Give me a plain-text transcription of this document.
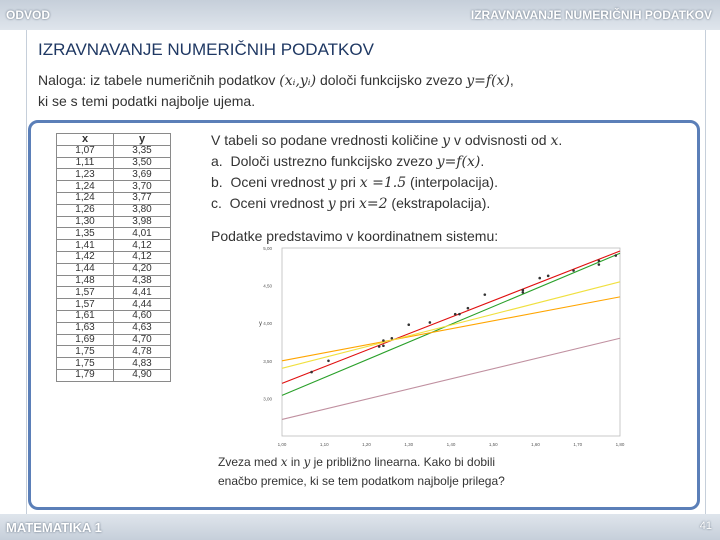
ODVOD	IZRAVNAVANJE NUMERIČNIH PODATKOV
IZRAVNAVANJE NUMERIČNIH PODATKOV
Naloga: iz tabele numeričnih podatkov (xᵢ,yᵢ) določi funkcijsko zvezo y=f(x),
ki se s temi podatki najbolje ujema.
x	y
1,07	3,35
1,11	3,50
1,23	3,69
1,24	3,70
1,24	3,77
1,26	3,80
1,30	3,98
1,35	4,01
1,41	4,12
1,42	4,12
1,44	4,20
1,48	4,38
1,57	4,41
1,57	4,44
1,61	4,60
1,63	4,63
1,69	4,70
1,75	4,78
1,75	4,83
1,79	4,90
V tabeli so podane vrednosti količine y v odvisnosti od x.
a. Določi ustrezno funkcijsko zvezo y=f(x).
b. Oceni vrednost y pri x =1.5 (interpolacija).
c. Oceni vrednost y pri x=2 (ekstrapolacija).
Podatke predstavimo v koordinatnem sistemu:
1,00	1,10	1,20	1,30	1,40	1,50	1,60	1,70	1,80
5,00
4,50
4,00
3,50
3,00
y
Zveza med x in y je približno linearna. Kako bi dobili
enačbo premice, ki se tem podatkom najbolje prilega?
MATEMATIKA 1	41
